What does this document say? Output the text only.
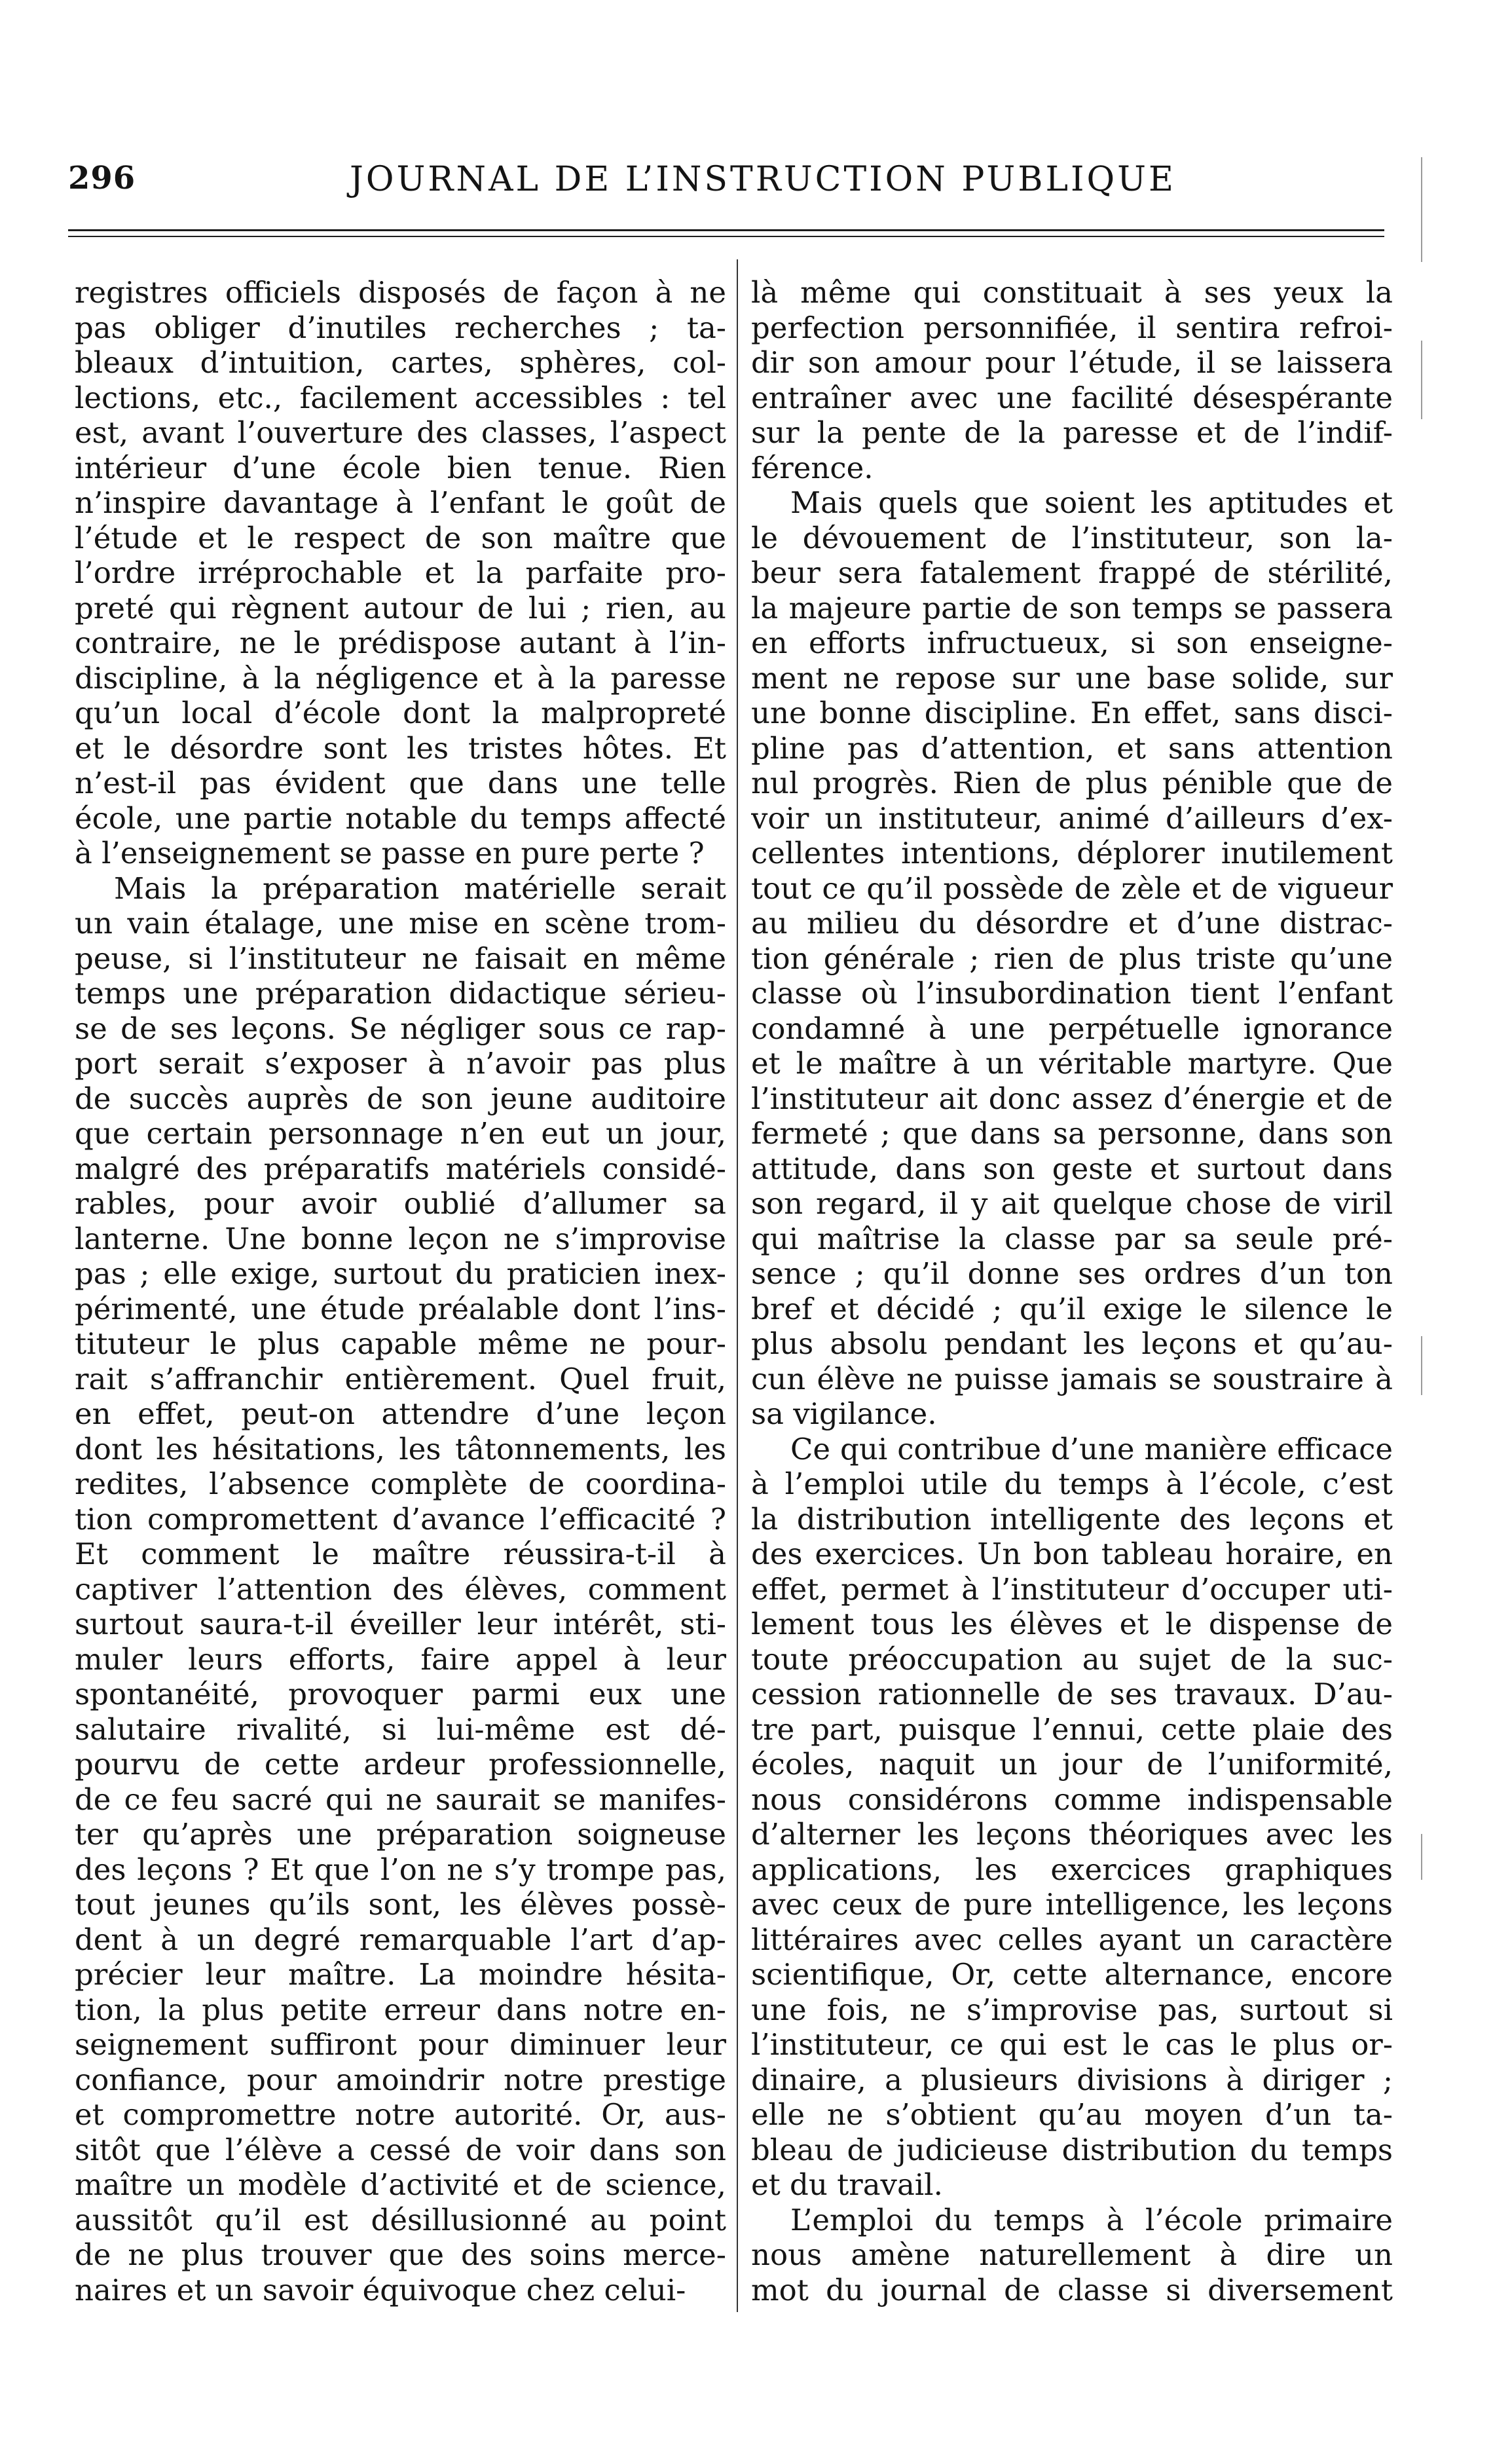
296	JOURNAL DE L’INSTRUCTION PUBLIQUE
registres officiels disposés de façon à ne
pas obliger d’inutiles recherches ; ta-
bleaux d’intuition, cartes, sphères, col-
lections, etc., facilement accessibles : tel
est, avant l’ouverture des classes, l’aspect
intérieur d’une école bien tenue. Rien
n’inspire davantage à l’enfant le goût de
l’étude et le respect de son maître que
l’ordre irréprochable et la parfaite pro-
preté qui règnent autour de lui ; rien, au
contraire, ne le prédispose autant à l’in-
discipline, à la négligence et à la paresse
qu’un local d’école dont la malpropreté
et le désordre sont les tristes hôtes. Et
n’est-il pas évident que dans une telle
école, une partie notable du temps affecté
à l’enseignement se passe en pure perte ?
Mais la préparation matérielle serait
un vain étalage, une mise en scène trom-
peuse, si l’instituteur ne faisait en même
temps une préparation didactique sérieu-
se de ses leçons. Se négliger sous ce rap-
port serait s’exposer à n’avoir pas plus
de succès auprès de son jeune auditoire
que certain personnage n’en eut un jour,
malgré des préparatifs matériels considé-
rables, pour avoir oublié d’allumer sa
lanterne. Une bonne leçon ne s’improvise
pas ; elle exige, surtout du praticien inex-
périmenté, une étude préalable dont l’ins-
tituteur le plus capable même ne pour-
rait s’affranchir entièrement. Quel fruit,
en effet, peut-on attendre d’une leçon
dont les hésitations, les tâtonnements, les
redites, l’absence complète de coordina-
tion compromettent d’avance l’efficacité ?
Et comment le maître réussira-t-il à
captiver l’attention des élèves, comment
surtout saura-t-il éveiller leur intérêt, sti-
muler leurs efforts, faire appel à leur
spontanéité, provoquer parmi eux une
salutaire rivalité, si lui-même est dé-
pourvu de cette ardeur professionnelle,
de ce feu sacré qui ne saurait se manifes-
ter qu’après une préparation soigneuse
des leçons ? Et que l’on ne s’y trompe pas,
tout jeunes qu’ils sont, les élèves possè-
dent à un degré remarquable l’art d’ap-
précier leur maître. La moindre hésita-
tion, la plus petite erreur dans notre en-
seignement suffiront pour diminuer leur
confiance, pour amoindrir notre prestige
et compromettre notre autorité. Or, aus-
sitôt que l’élève a cessé de voir dans son
maître un modèle d’activité et de science,
aussitôt qu’il est désillusionné au point
de ne plus trouver que des soins merce-
naires et un savoir équivoque chez celui-
là même qui constituait à ses yeux la
perfection personnifiée, il sentira refroi-
dir son amour pour l’étude, il se laissera
entraîner avec une facilité désespérante
sur la pente de la paresse et de l’indif-
férence.
Mais quels que soient les aptitudes et
le dévouement de l’instituteur, son la-
beur sera fatalement frappé de stérilité,
la majeure partie de son temps se passera
en efforts infructueux, si son enseigne-
ment ne repose sur une base solide, sur
une bonne discipline. En effet, sans disci-
pline pas d’attention, et sans attention
nul progrès. Rien de plus pénible que de
voir un instituteur, animé d’ailleurs d’ex-
cellentes intentions, déplorer inutilement
tout ce qu’il possède de zèle et de vigueur
au milieu du désordre et d’une distrac-
tion générale ; rien de plus triste qu’une
classe où l’insubordination tient l’enfant
condamné à une perpétuelle ignorance
et le maître à un véritable martyre. Que
l’instituteur ait donc assez d’énergie et de
fermeté ; que dans sa personne, dans son
attitude, dans son geste et surtout dans
son regard, il y ait quelque chose de viril
qui maîtrise la classe par sa seule pré-
sence ; qu’il donne ses ordres d’un ton
bref et décidé ; qu’il exige le silence le
plus absolu pendant les leçons et qu’au-
cun élève ne puisse jamais se soustraire à
sa vigilance.
Ce qui contribue d’une manière efficace
à l’emploi utile du temps à l’école, c’est
la distribution intelligente des leçons et
des exercices. Un bon tableau horaire, en
effet, permet à l’instituteur d’occuper uti-
lement tous les élèves et le dispense de
toute préoccupation au sujet de la suc-
cession rationnelle de ses travaux. D’au-
tre part, puisque l’ennui, cette plaie des
écoles, naquit un jour de l’uniformité,
nous considérons comme indispensable
d’alterner les leçons théoriques avec les
applications, les exercices graphiques
avec ceux de pure intelligence, les leçons
littéraires avec celles ayant un caractère
scientifique, Or, cette alternance, encore
une fois, ne s’improvise pas, surtout si
l’instituteur, ce qui est le cas le plus or-
dinaire, a plusieurs divisions à diriger ;
elle ne s’obtient qu’au moyen d’un ta-
bleau de judicieuse distribution du temps
et du travail.
L’emploi du temps à l’école primaire
nous amène naturellement à dire un
mot du journal de classe si diversement
